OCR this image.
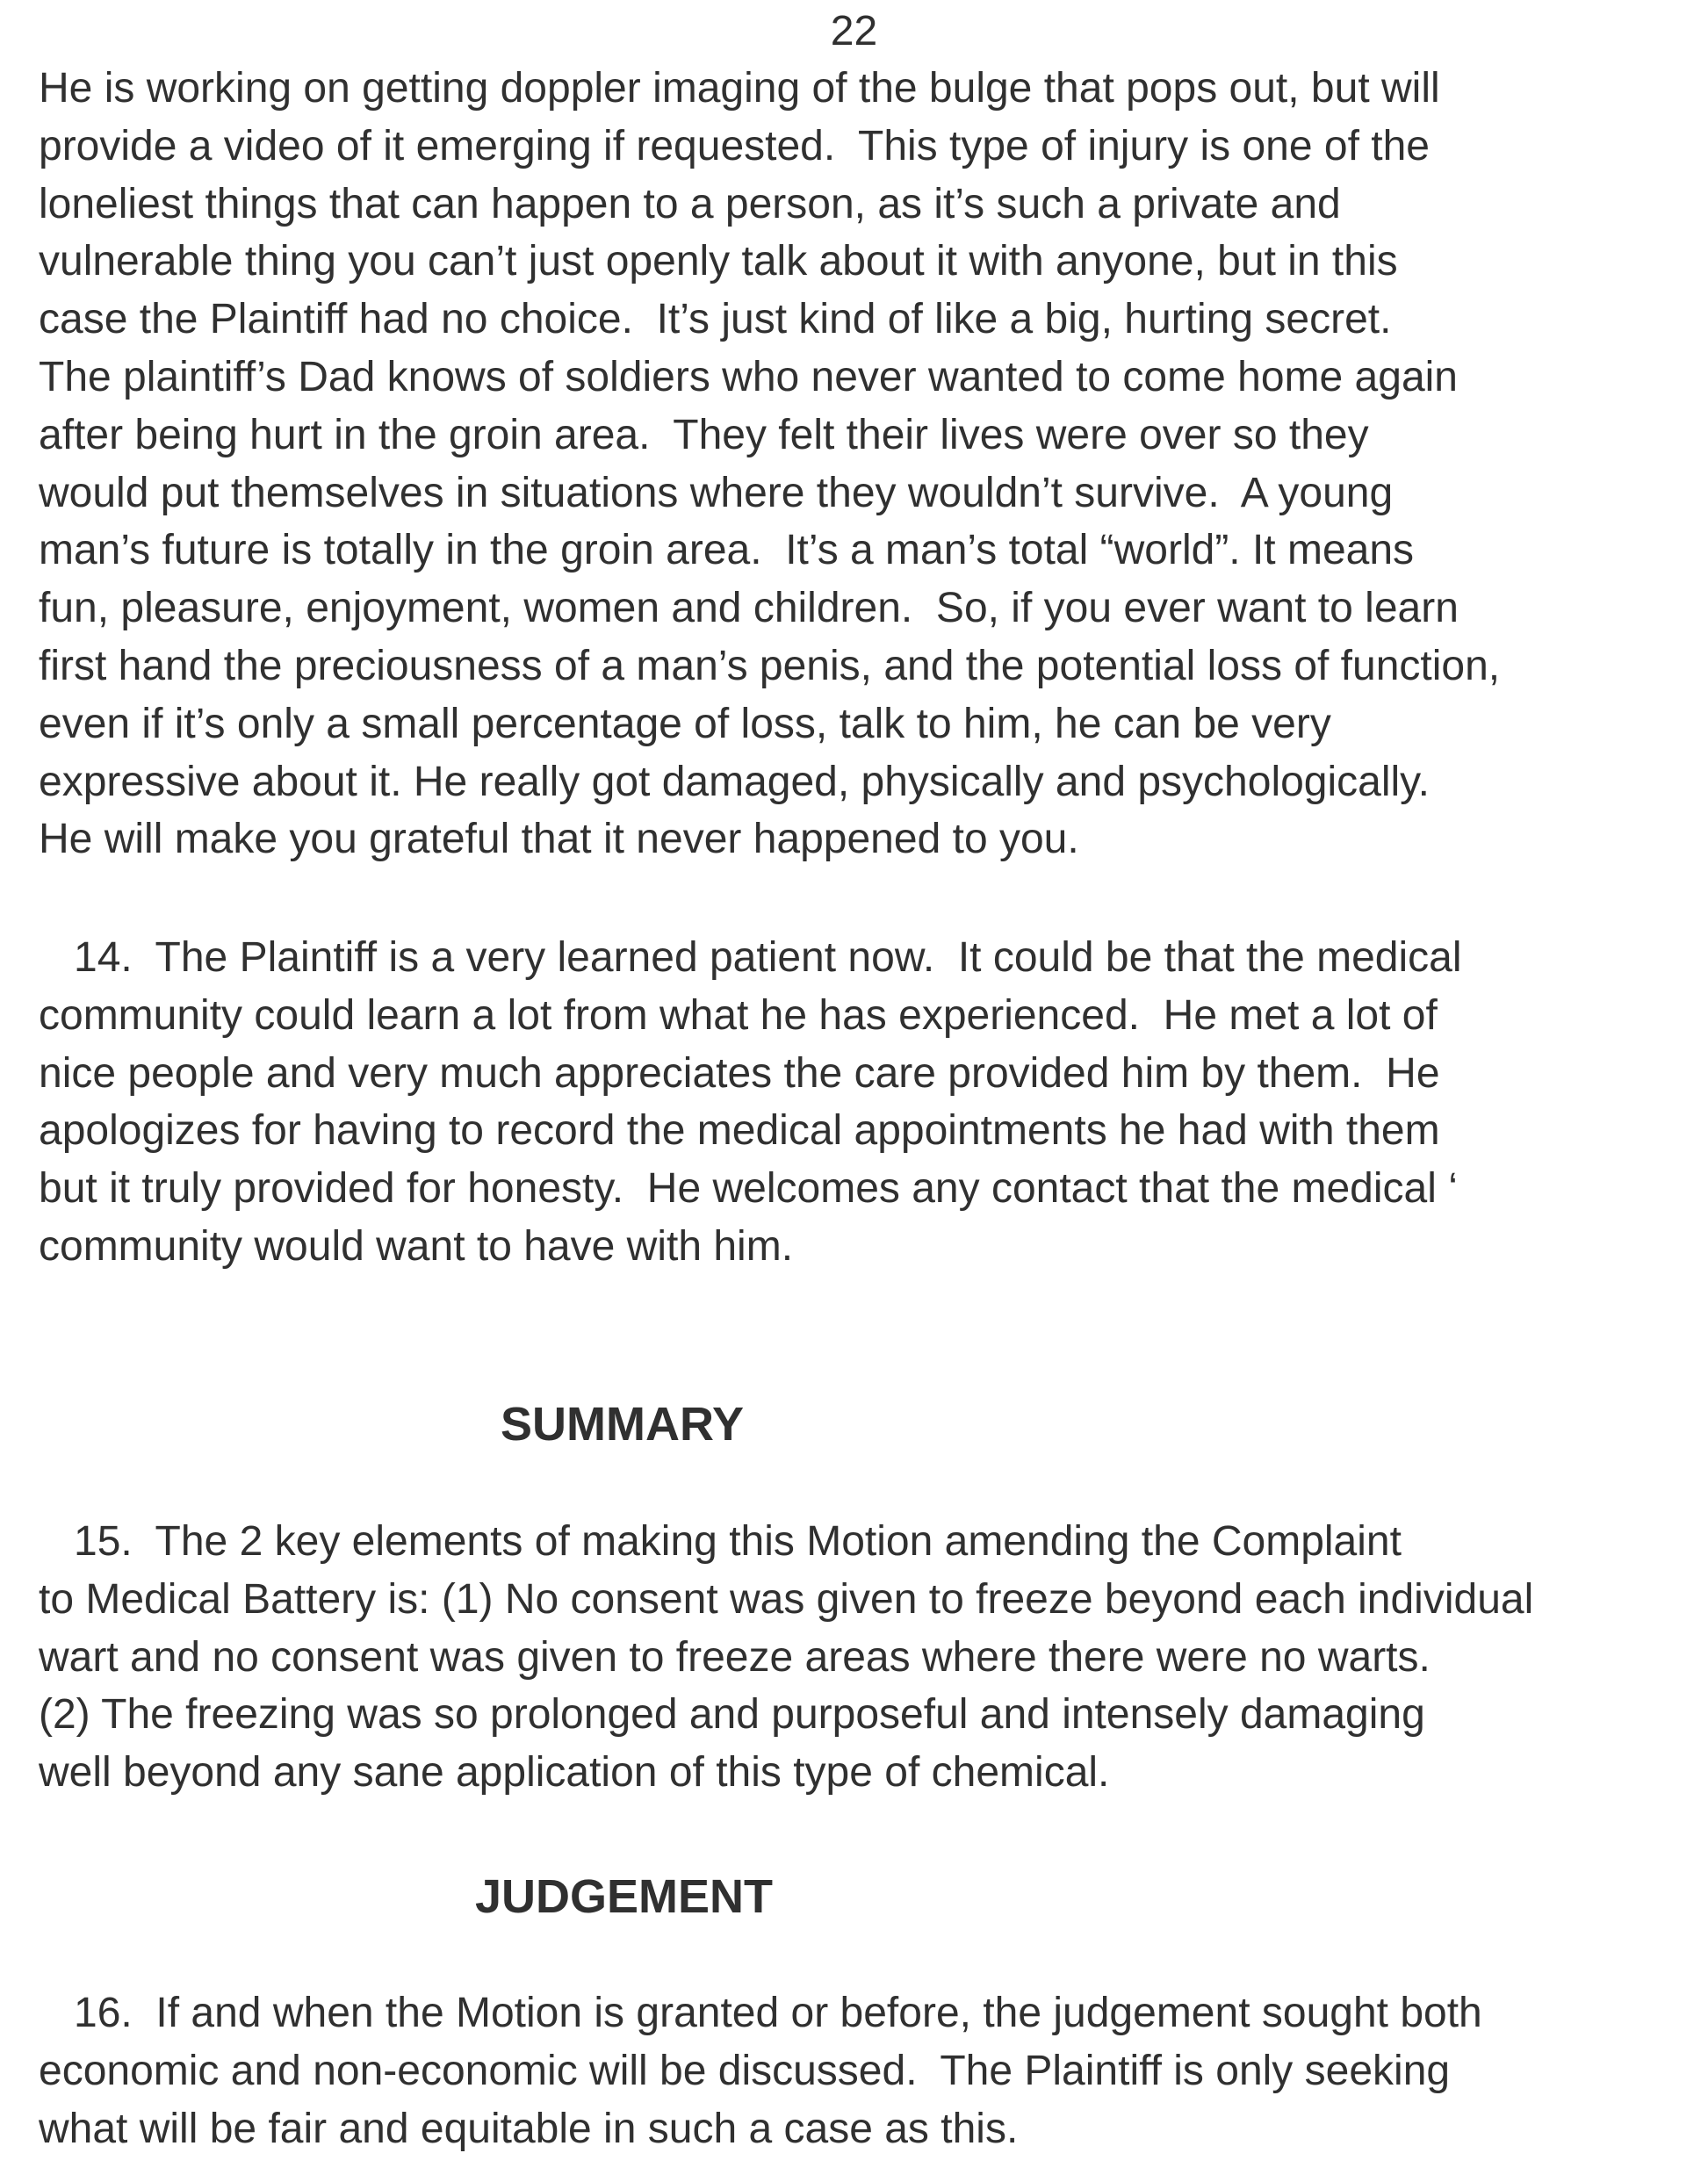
22
He is working on getting doppler imaging of the bulge that pops out, but will
provide a video of it emerging if requested.  This type of injury is one of the
loneliest things that can happen to a person, as it’s such a private and
vulnerable thing you can’t just openly talk about it with anyone, but in this
case the Plaintiff had no choice.  It’s just kind of like a big, hurting secret.
The plaintiff’s Dad knows of soldiers who never wanted to come home again
after being hurt in the groin area.  They felt their lives were over so they
would put themselves in situations where they wouldn’t survive.  A young
man’s future is totally in the groin area.  It’s a man’s total “world”. It means
fun, pleasure, enjoyment, women and children.  So, if you ever want to learn
first hand the preciousness of a man’s penis, and the potential loss of function,
even if it’s only a small percentage of loss, talk to him, he can be very
expressive about it. He really got damaged, physically and psychologically.
He will make you grateful that it never happened to you.
14.  The Plaintiff is a very learned patient now.  It could be that the medical
community could learn a lot from what he has experienced.  He met a lot of
nice people and very much appreciates the care provided him by them.  He
apologizes for having to record the medical appointments he had with them
but it truly provided for honesty.  He welcomes any contact that the medical ‘
community would want to have with him.
SUMMARY
15.  The 2 key elements of making this Motion amending the Complaint
to Medical Battery is: (1) No consent was given to freeze beyond each individual
wart and no consent was given to freeze areas where there were no warts.
(2) The freezing was so prolonged and purposeful and intensely damaging
well beyond any sane application of this type of chemical.
JUDGEMENT
16.  If and when the Motion is granted or before, the judgement sought both
economic and non-economic will be discussed.  The Plaintiff is only seeking
what will be fair and equitable in such a case as this.
